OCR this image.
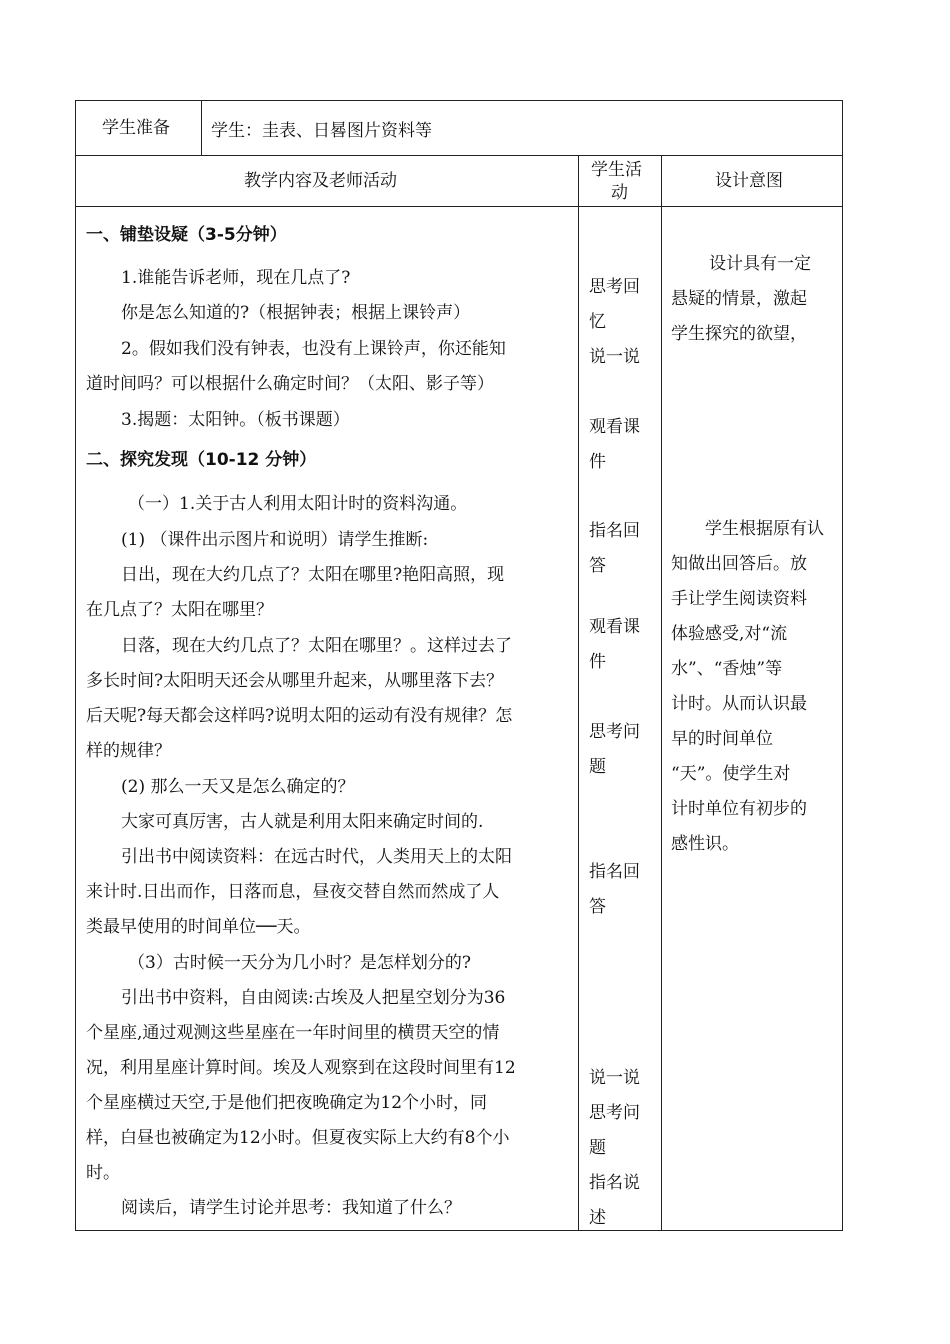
学生准备 学生：圭表、日晷图片资料等
教学内容及老师活动
学生活
动
设计意图
一、铺垫设疑（3-5分钟）
1.谁能告诉老师，现在几点了?
你是怎么知道的?（根据钟表；根据上课铃声）
2。假如我们没有钟表，也没有上课铃声，你还能知
道时间吗？可以根据什么确定时间？（太阳、影子等）
3.揭题：太阳钟。（板书课题）
二、探究发现（10-12 分钟）
（一）1.关于古人利用太阳计时的资料沟通。
(1) （课件出示图片和说明）请学生推断:
日出，现在大约几点了？太阳在哪里?艳阳高照，现
在几点了？太阳在哪里？
日落，现在大约几点了？太阳在哪里？。这样过去了
多长时间?太阳明天还会从哪里升起来，从哪里落下去？
后天呢?每天都会这样吗?说明太阳的运动有没有规律？怎
样的规律？
(2) 那么一天又是怎么确定的？
大家可真厉害，古人就是利用太阳来确定时间的.
引出书中阅读资料：在远古时代，人类用天上的太阳
来计时.日出而作，日落而息，昼夜交替自然而然成了人
类最早使用的时间单位──天。
（3）古时候一天分为几小时？是怎样划分的?
引出书中资料，自由阅读:古埃及人把星空划分为36
个星座,通过观测这些星座在一年时间里的横贯天空的情
况，利用星座计算时间。埃及人观察到在这段时间里有12
个星座横过天空,于是他们把夜晚确定为12个小时，同
样，白昼也被确定为12小时。但夏夜实际上大约有8个小
时。
阅读后，请学生讨论并思考：我知道了什么？
思考回
忆
说一说
观看课
件
指名回
答
观看课
件
思考问
题
指名回
答
说一说
思考问
题
指名说
述
设计具有一定
悬疑的情景，激起
学生探究的欲望，
学生根据原有认
知做出回答后。放
手让学生阅读资料
体验感受,对“流
水”、“香烛”等
计时。从而认识最
早的时间单位
“天”。使学生对
计时单位有初步的
感性识。
